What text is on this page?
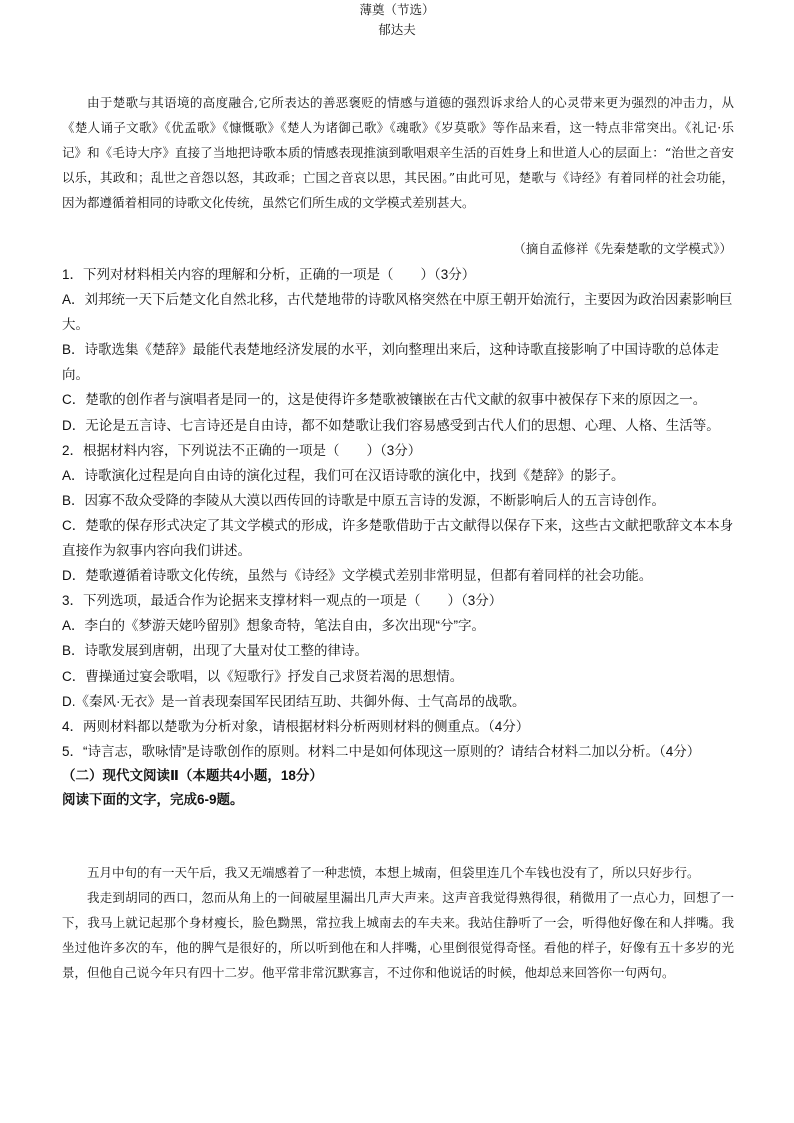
由于楚歌与其语境的高度融合,它所表达的善恶褒贬的情感与道德的强烈诉求给人的心灵带来更为强烈的冲击力，从《楚人诵子文歌》《优孟歌》《慷慨歌》《楚人为诸御己歌》《魂歌》《岁莫歌》等作品来看，这一特点非常突出。《礼记·乐记》和《毛诗大序》直接了当地把诗歌本质的情感表现推演到歌唱艰辛生活的百姓身上和世道人心的层面上：“治世之音安以乐，其政和；乱世之音怨以怒，其政乖；亡国之音哀以思，其民困。”由此可见，楚歌与《诗经》有着同样的社会功能，因为都遵循着相同的诗歌文化传统，虽然它们所生成的文学模式差别甚大。
（摘自孟修祥《先秦楚歌的文学模式》）

1．下列对材料相关内容的理解和分析，正确的一项是（　　）（3分）

A．刘邦统一天下后楚文化自然北移，古代楚地带的诗歌风格突然在中原王朝开始流行，主要因为政治因素影响巨大。

B．诗歌选集《楚辞》最能代表楚地经济发展的水平，刘向整理出来后，这种诗歌直接影响了中国诗歌的总体走向。

C．楚歌的创作者与演唱者是同一的，这是使得许多楚歌被镶嵌在古代文献的叙事中被保存下来的原因之一。

D．无论是五言诗、七言诗还是自由诗，都不如楚歌让我们容易感受到古代人们的思想、心理、人格、生活等。

2．根据材料内容，下列说法不正确的一项是（　　）（3分）

A．诗歌演化过程是向自由诗的演化过程，我们可在汉语诗歌的演化中，找到《楚辞》的影子。

B．因寡不敌众受降的李陵从大漠以西传回的诗歌是中原五言诗的发源，不断影响后人的五言诗创作。

C．楚歌的保存形式决定了其文学模式的形成，许多楚歌借助于古文献得以保存下来，这些古文献把歌辞文本本身直接作为叙事内容向我们讲述。

D．楚歌遵循着诗歌文化传统，虽然与《诗经》文学模式差别非常明显，但都有着同样的社会功能。

3．下列选项，最适合作为论据来支撑材料一观点的一项是（　　）（3分）

A．李白的《梦游天姥吟留别》想象奇特，笔法自由，多次出现“兮”字。

B．诗歌发展到唐朝，出现了大量对仗工整的律诗。

C．曹操通过宴会歌唱，以《短歌行》抒发自己求贤若渴的思想情。

D.《秦风·无衣》是一首表现秦国军民团结互助、共御外侮、士气高昂的战歌。

4．两则材料都以楚歌为分析对象，请根据材料分析两则材料的侧重点。（4分）

5．“诗言志，歌咏情”是诗歌创作的原则。材料二中是如何体现这一原则的？请结合材料二加以分析。（4分）

（二）现代文阅读Ⅱ（本题共4小题，18分）

阅读下面的文字，完成6-9题。

薄奠（节选）
郁达夫

五月中旬的有一天午后，我又无端感着了一种悲愤，本想上城南，但袋里连几个车钱也没有了，所以只好步行。

我走到胡同的西口，忽而从角上的一间破屋里漏出几声大声来。这声音我觉得熟得很，稍微用了一点心力，回想了一下，我马上就记起那个身材瘦长，脸色黝黑，常拉我上城南去的车夫来。我站住静听了一会，听得他好像在和人拌嘴。我坐过他许多次的车，他的脾气是很好的，所以听到他在和人拌嘴，心里倒很觉得奇怪。看他的样子，好像有五十多岁的光景，但他自己说今年只有四十二岁。他平常非常沉默寡言，不过你和他说话的时候，他却总来回答你一句两句。
